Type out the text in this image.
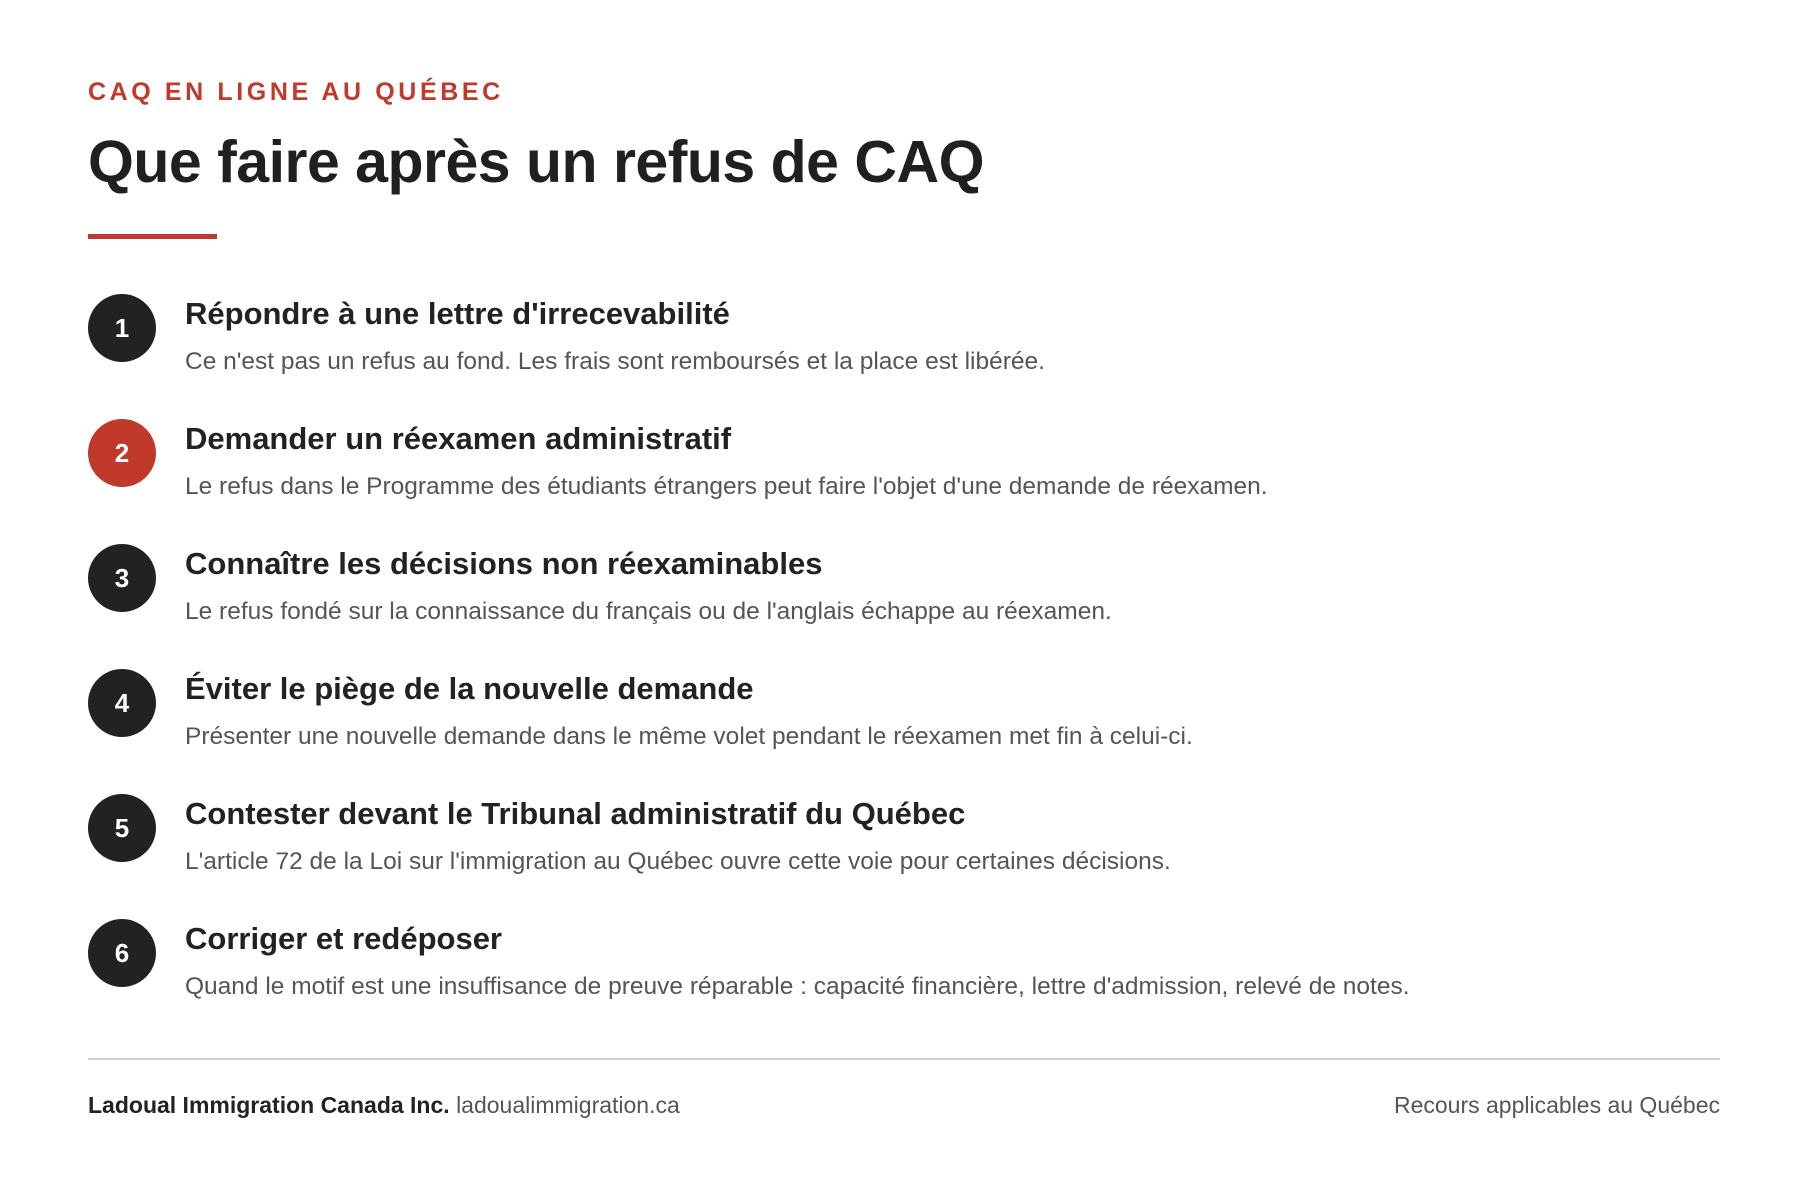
CAQ EN LIGNE AU QUÉBEC
Que faire après un refus de CAQ
1	Répondre à une lettre d'irrecevabilité
Ce n'est pas un refus au fond. Les frais sont remboursés et la place est libérée.
2	Demander un réexamen administratif
Le refus dans le Programme des étudiants étrangers peut faire l'objet d'une demande de réexamen.
3	Connaître les décisions non réexaminables
Le refus fondé sur la connaissance du français ou de l'anglais échappe au réexamen.
4	Éviter le piège de la nouvelle demande
Présenter une nouvelle demande dans le même volet pendant le réexamen met fin à celui-ci.
5	Contester devant le Tribunal administratif du Québec
L'article 72 de la Loi sur l'immigration au Québec ouvre cette voie pour certaines décisions.
6	Corriger et redéposer
Quand le motif est une insuffisance de preuve réparable : capacité financière, lettre d'admission, relevé de notes.
Ladoual Immigration Canada Inc. ladoualimmigration.ca	Recours applicables au Québec
